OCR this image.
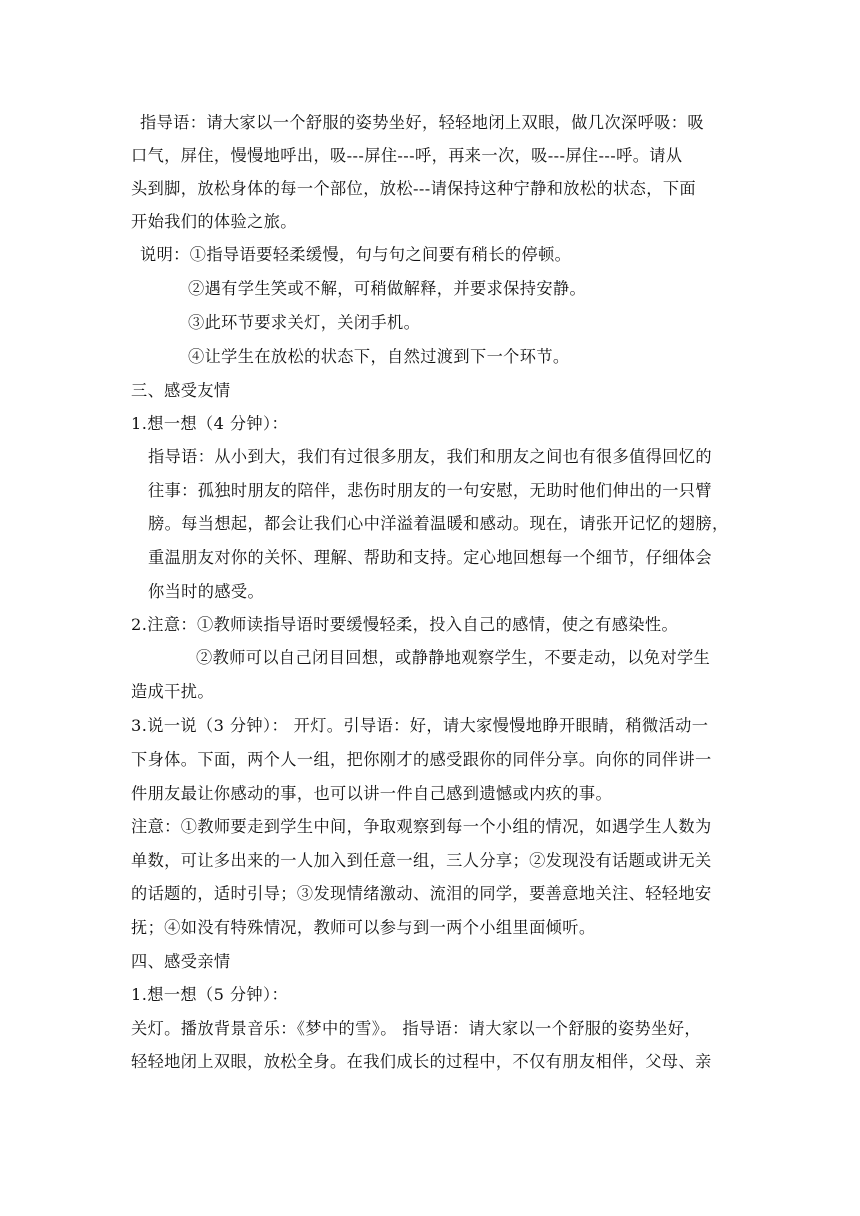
指导语：请大家以一个舒服的姿势坐好，轻轻地闭上双眼，做几次深呼吸：吸
口气，屏住，慢慢地呼出，吸---屏住---呼，再来一次，吸---屏住---呼。请从
头到脚，放松身体的每一个部位，放松---请保持这种宁静和放松的状态，下面
开始我们的体验之旅。
说明：①指导语要轻柔缓慢，句与句之间要有稍长的停顿。
②遇有学生笑或不解，可稍做解释，并要求保持安静。
③此环节要求关灯，关闭手机。
④让学生在放松的状态下，自然过渡到下一个环节。
三、感受友情
1.想一想（4 分钟）：
指导语：从小到大，我们有过很多朋友，我们和朋友之间也有很多值得回忆的
往事：孤独时朋友的陪伴，悲伤时朋友的一句安慰，无助时他们伸出的一只臂
膀。每当想起，都会让我们心中洋溢着温暖和感动。现在，请张开记忆的翅膀，
重温朋友对你的关怀、理解、帮助和支持。定心地回想每一个细节，仔细体会
你当时的感受。
2.注意：①教师读指导语时要缓慢轻柔，投入自己的感情，使之有感染性。
②教师可以自己闭目回想，或静静地观察学生，不要走动，以免对学生
造成干扰。
3.说一说（3 分钟）： 开灯。引导语：好，请大家慢慢地睁开眼睛，稍微活动一
下身体。下面，两个人一组，把你刚才的感受跟你的同伴分享。向你的同伴讲一
件朋友最让你感动的事，也可以讲一件自己感到遗憾或内疚的事。
注意：①教师要走到学生中间，争取观察到每一个小组的情况，如遇学生人数为
单数，可让多出来的一人加入到任意一组，三人分享；②发现没有话题或讲无关
的话题的，适时引导；③发现情绪激动、流泪的同学，要善意地关注、轻轻地安
抚；④如没有特殊情况，教师可以参与到一两个小组里面倾听。
四、感受亲情
1.想一想（5 分钟）：
关灯。播放背景音乐：《梦中的雪》。 指导语：请大家以一个舒服的姿势坐好，
轻轻地闭上双眼，放松全身。在我们成长的过程中，不仅有朋友相伴，父母、亲
